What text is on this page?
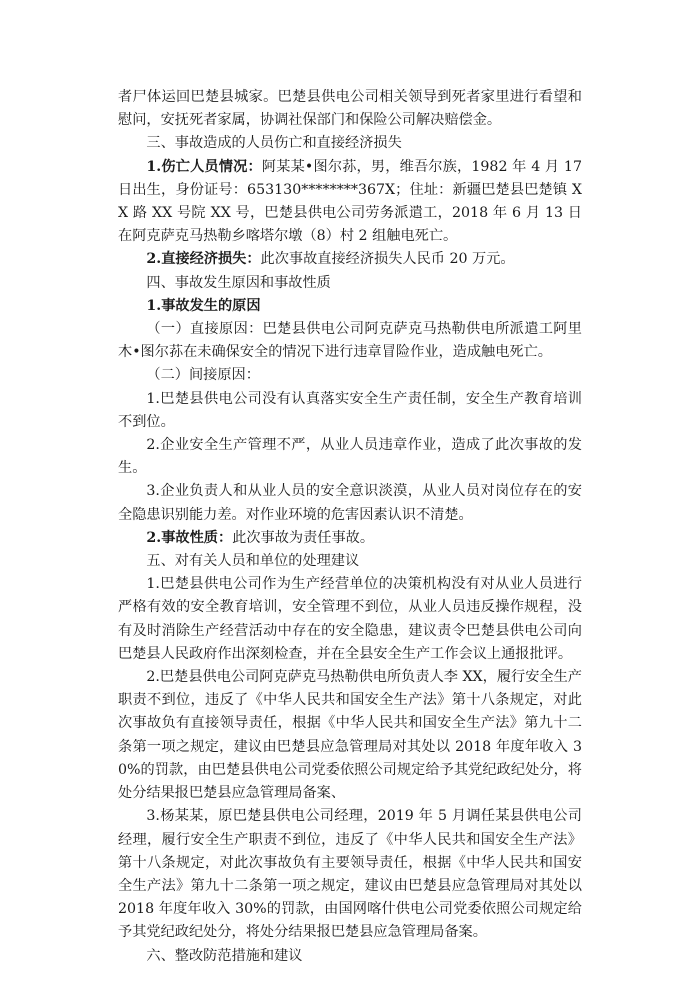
者尸体运回巴楚县城家。巴楚县供电公司相关领导到死者家里进行看望和慰问，安抚死者家属，协调社保部门和保险公司解决赔偿金。

三、事故造成的人员伤亡和直接经济损失

1.伤亡人员情况：阿某某•图尔荪，男，维吾尔族，1982 年 4 月 17 日出生，身份证号：653130********367X；住址：新疆巴楚县巴楚镇 XX 路 XX 号院 XX 号，巴楚县供电公司劳务派遣工，2018 年 6 月 13 日在阿克萨克马热勒乡喀塔尔墩（8）村 2 组触电死亡。

2.直接经济损失：此次事故直接经济损失人民币 20 万元。

四、事故发生原因和事故性质

1.事故发生的原因

（一）直接原因：巴楚县供电公司阿克萨克马热勒供电所派遣工阿里木•图尔荪在未确保安全的情况下进行违章冒险作业，造成触电死亡。

（二）间接原因：

1.巴楚县供电公司没有认真落实安全生产责任制，安全生产教育培训不到位。

2.企业安全生产管理不严，从业人员违章作业，造成了此次事故的发生。

3.企业负责人和从业人员的安全意识淡漠，从业人员对岗位存在的安全隐患识别能力差。对作业环境的危害因素认识不清楚。

2.事故性质：此次事故为责任事故。

五、对有关人员和单位的处理建议

1.巴楚县供电公司作为生产经营单位的决策机构没有对从业人员进行严格有效的安全教育培训，安全管理不到位，从业人员违反操作规程，没有及时消除生产经营活动中存在的安全隐患，建议责令巴楚县供电公司向巴楚县人民政府作出深刻检查，并在全县安全生产工作会议上通报批评。

2.巴楚县供电公司阿克萨克马热勒供电所负责人李 XX，履行安全生产职责不到位，违反了《中华人民共和国安全生产法》第十八条规定，对此次事故负有直接领导责任，根据《中华人民共和国安全生产法》第九十二条第一项之规定，建议由巴楚县应急管理局对其处以 2018 年度年收入 30%的罚款，由巴楚县供电公司党委依照公司规定给予其党纪政纪处分，将处分结果报巴楚县应急管理局备案、

3.杨某某，原巴楚县供电公司经理，2019 年 5 月调任某县供电公司经理，履行安全生产职责不到位，违反了《中华人民共和国安全生产法》第十八条规定，对此次事故负有主要领导责任，根据《中华人民共和国安全生产法》第九十二条第一项之规定，建议由巴楚县应急管理局对其处以 2018 年度年收入 30%的罚款，由国网喀什供电公司党委依照公司规定给予其党纪政纪处分，将处分结果报巴楚县应急管理局备案。

六、整改防范措施和建议
